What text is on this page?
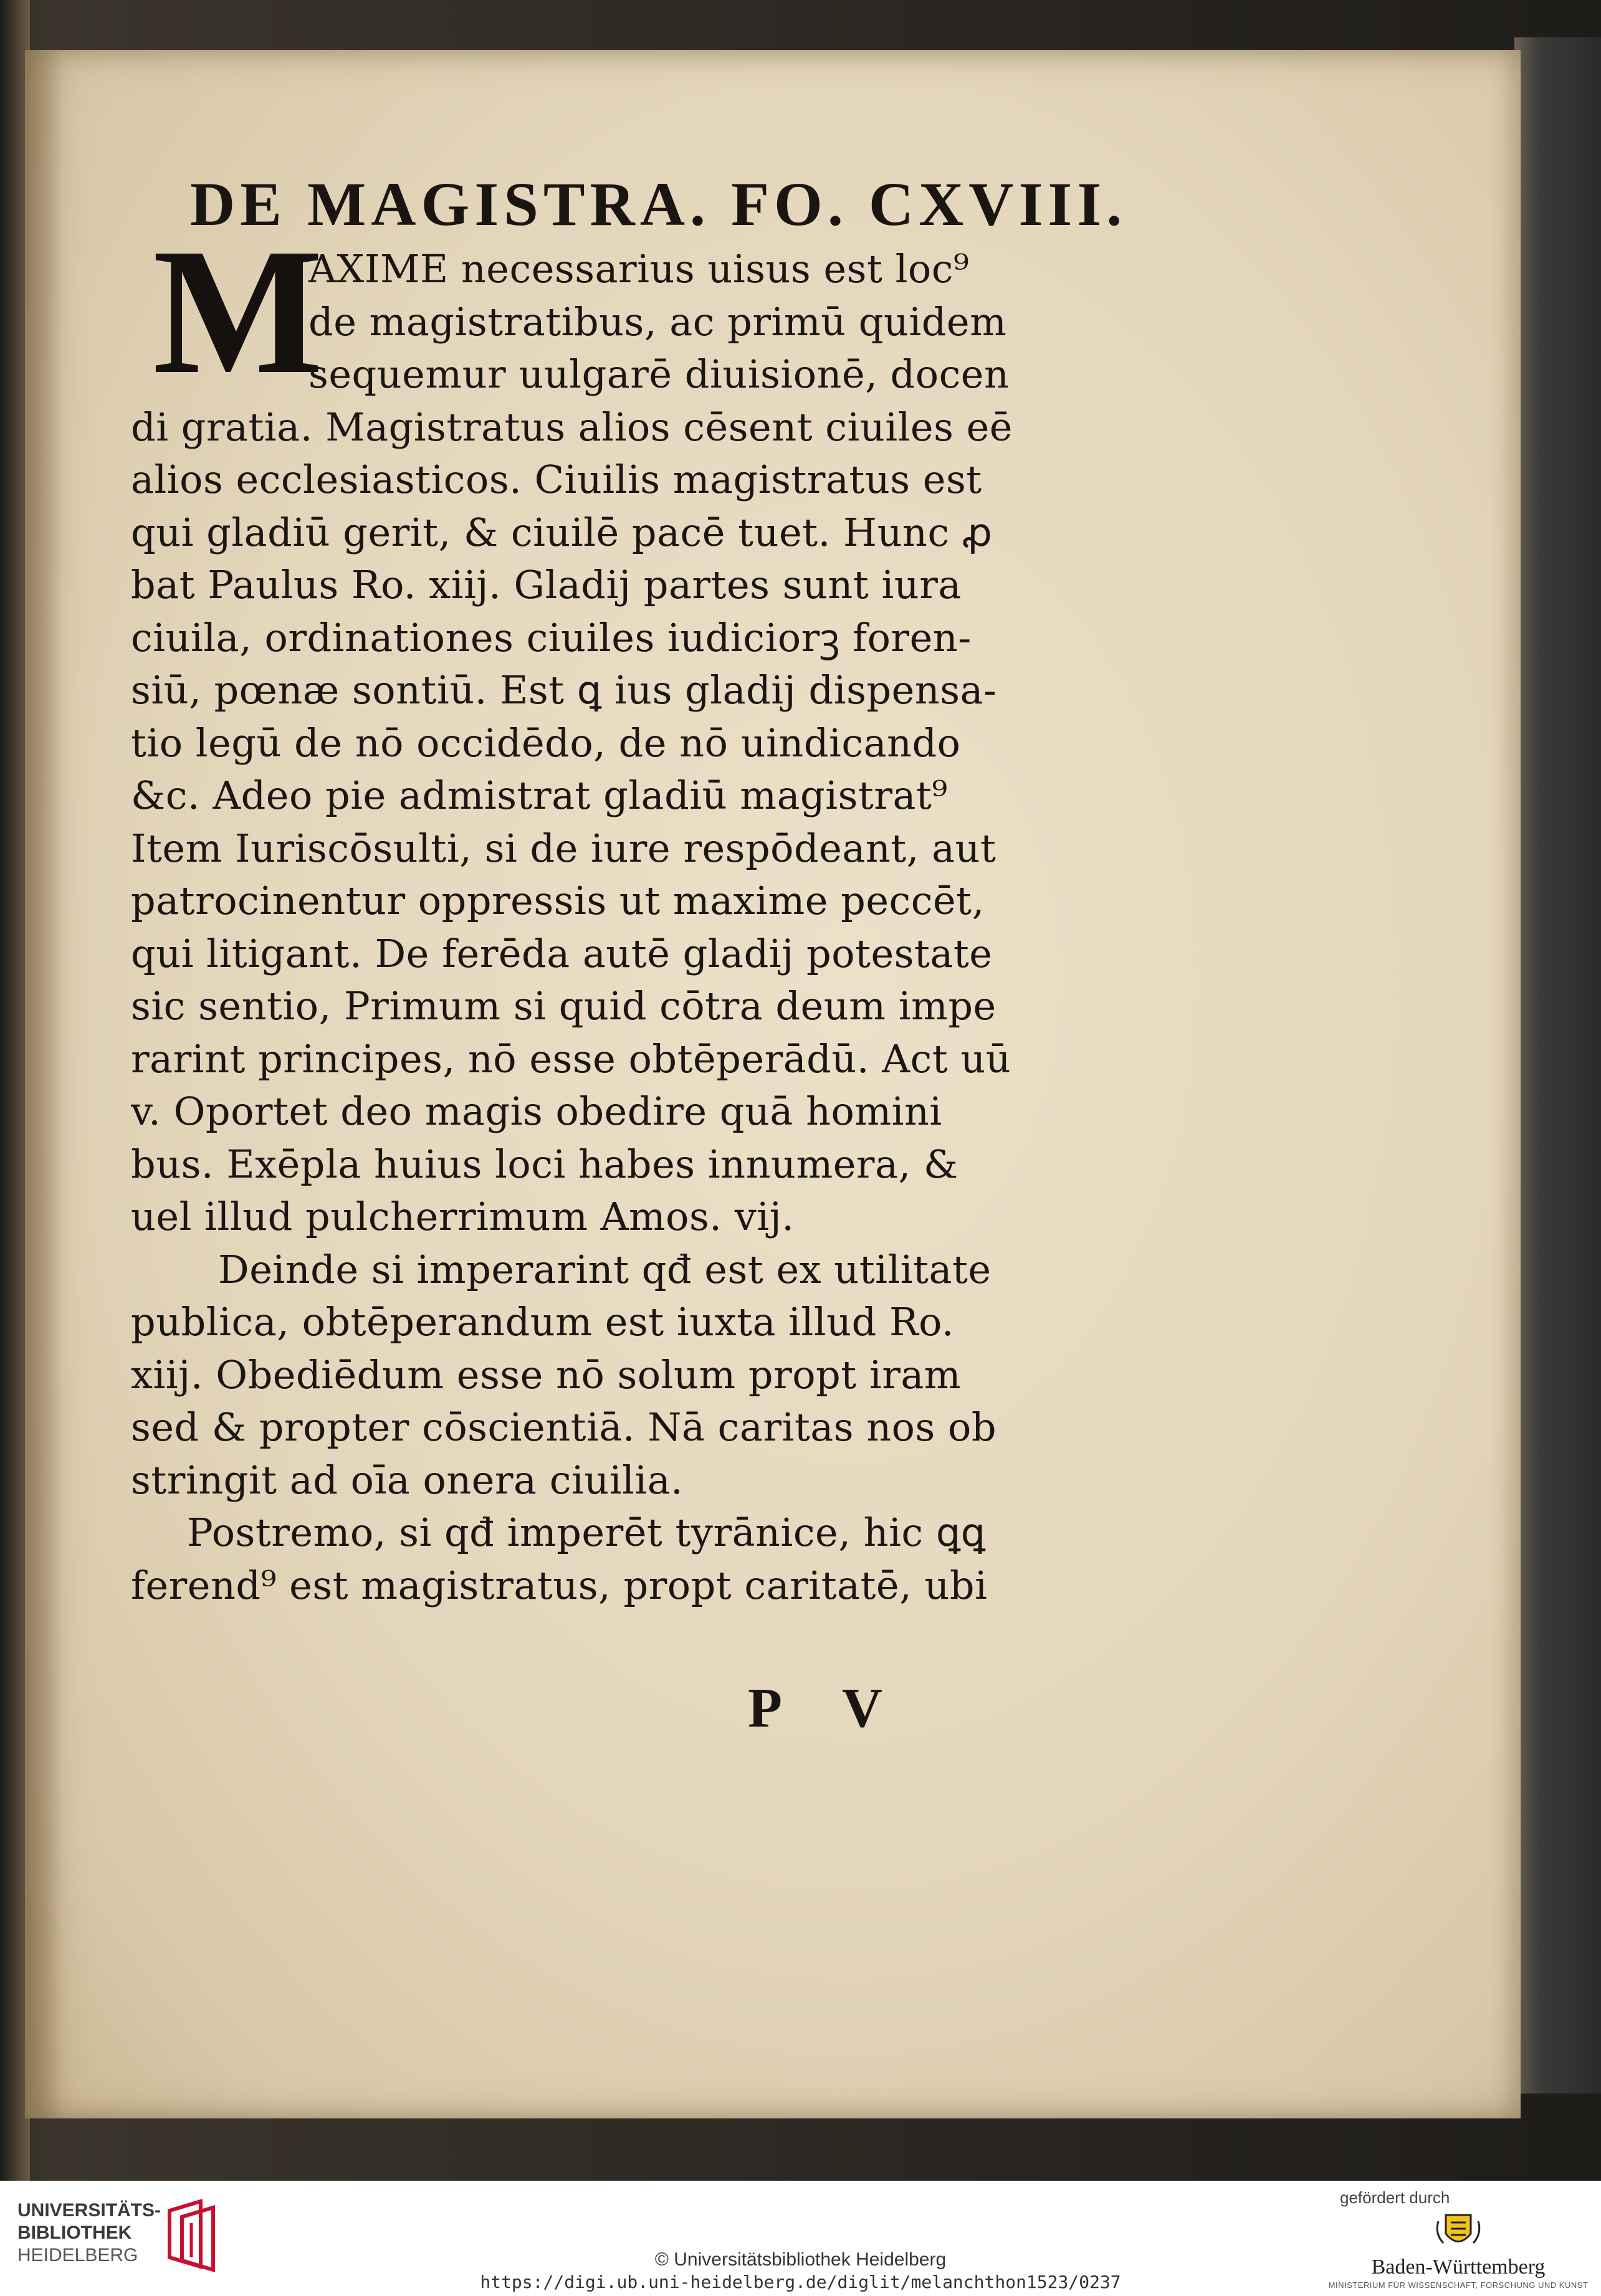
DE MAGISTRA. FO. CXVIII.
M
AXIME necessarius uisus est loc⁹
de magistratibus, ac primū quidem
sequemur uulgarē diuisionē, docen
di gratia. Magistratus alios cēsent ciuiles eē
alios ecclesiasticos. Ciuilis magistratus est
qui gladiū gerit, & ciuilē pacē tuet. Hunc ꝓ
bat Paulus Ro. xiij. Gladij partes sunt iura
ciuila, ordinationes ciuiles iudiciorꝫ foren-
siū, pœnæ sontiū. Est ꝗ ius gladij dispensa-
tio legū de nō occidēdo, de nō uindicando
&c. Adeo pie admistrat gladiū magistrat⁹
Item Iuriscōsulti, si de iure respōdeant, aut
patrocinentur oppressis ut maxime peccēt,
qui litigant. De ferēda autē gladij potestate
sic sentio, Primum si quid cōtra deum impe
rarint principes, nō esse obtēperādū. Act uū
v. Oportet deo magis obedire quā homini
bus. Exēpla huius loci habes innumera, &
uel illud pulcherrimum Amos. vij.
Deinde si imperarint qđ est ex utilitate
publica, obtēperandum est iuxta illud Ro.
xiij. Obediēdum esse nō solum propt iram
sed & propter cōscientiā. Nā caritas nos ob
stringit ad oīa onera ciuilia.
Postremo, si qđ imperēt tyrānice, hic ꝗꝗ
ferend⁹ est magistratus, propt caritatē, ubi
P V
UNIVERSITÄTS-
BIBLIOTHEK
HEIDELBERG	© Universitätsbibliothek Heidelberg
https://digi.ub.uni-heidelberg.de/diglit/melanchthon1523/0237
gefördert durch
Baden-Württemberg
MINISTERIUM FÜR WISSENSCHAFT, FORSCHUNG UND KUNST
